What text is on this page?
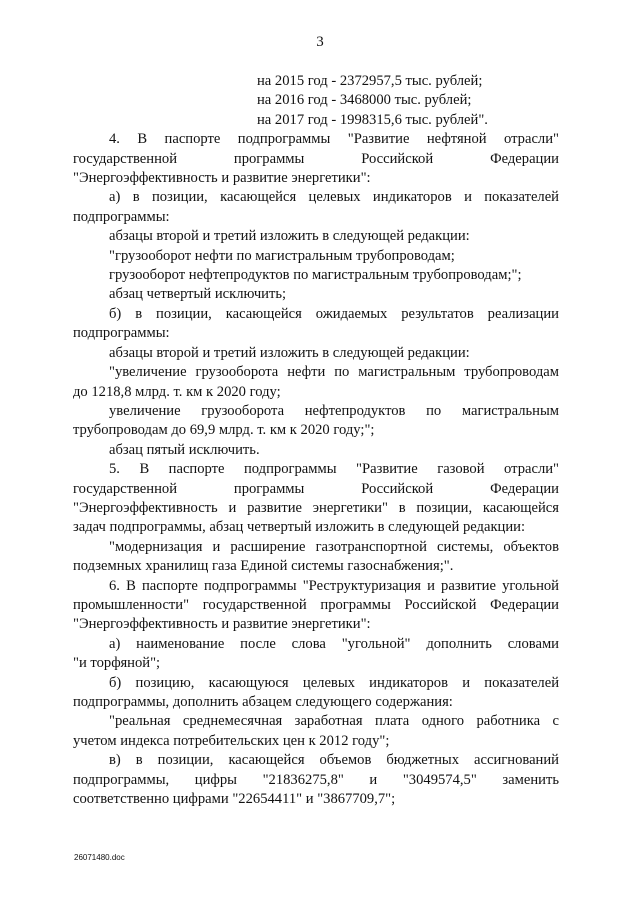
3
на 2015 год - 2372957,5 тыс. рублей;
на 2016 год - 3468000 тыс. рублей;
на 2017 год - 1998315,6 тыс. рублей".
4. В паспорте подпрограммы "Развитие нефтяной отрасли"
государственной программы Российской Федерации
"Энергоэффективность и развитие энергетики":
а) в позиции, касающейся целевых индикаторов и показателей
подпрограммы:
абзацы второй и третий изложить в следующей редакции:
"грузооборот нефти по магистральным трубопроводам;
грузооборот нефтепродуктов по магистральным трубопроводам;";
абзац четвертый исключить;
б) в позиции, касающейся ожидаемых результатов реализации
подпрограммы:
абзацы второй и третий изложить в следующей редакции:
"увеличение грузооборота нефти по магистральным трубопроводам
до 1218,8 млрд. т. км к 2020 году;
увеличение грузооборота нефтепродуктов по магистральным
трубопроводам до 69,9 млрд. т. км к 2020 году;";
абзац пятый исключить.
5. В паспорте подпрограммы "Развитие газовой отрасли"
государственной программы Российской Федерации
"Энергоэффективность и развитие энергетики" в позиции, касающейся
задач подпрограммы, абзац четвертый изложить в следующей редакции:
"модернизация и расширение газотранспортной системы, объектов
подземных хранилищ газа Единой системы газоснабжения;".
6. В паспорте подпрограммы "Реструктуризация и развитие угольной
промышленности" государственной программы Российской Федерации
"Энергоэффективность и развитие энергетики":
а) наименование после слова "угольной" дополнить словами
"и торфяной";
б) позицию, касающуюся целевых индикаторов и показателей
подпрограммы, дополнить абзацем следующего содержания:
"реальная среднемесячная заработная плата одного работника с
учетом индекса потребительских цен к 2012 году";
в) в позиции, касающейся объемов бюджетных ассигнований
подпрограммы, цифры "21836275,8" и "3049574,5" заменить
соответственно цифрами "22654411" и "3867709,7";
26071480.doc
